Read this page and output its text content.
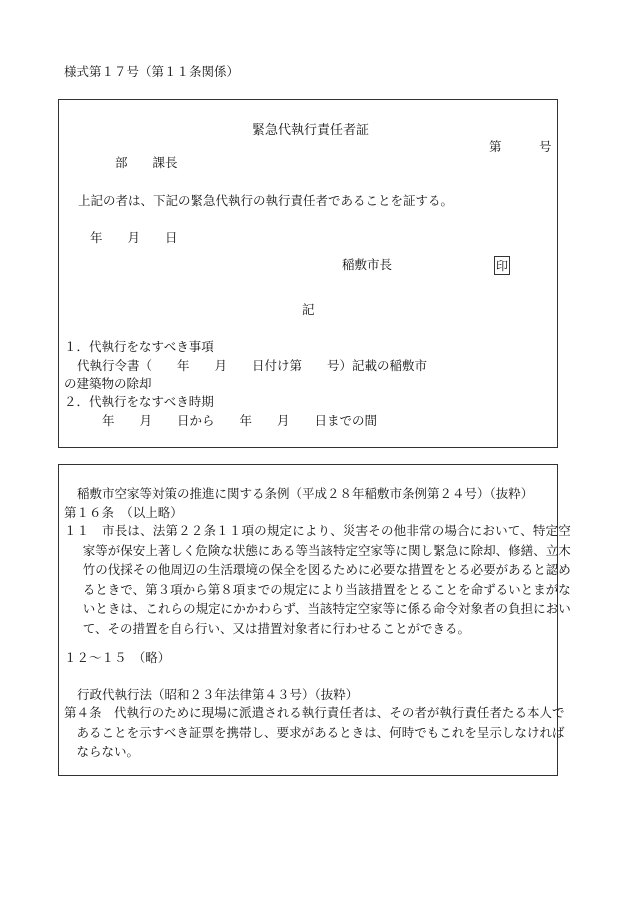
様式第１７号（第１１条関係）
緊急代執行責任者証
第　　　号
部　　課長
上記の者は、下記の緊急代執行の執行責任者であることを証する。
年　　月　　日
稲敷市長	印
記
１．代執行をなすべき事項
代執行令書（　　年　　月　　日付け第　　号）記載の稲敷市
の建築物の除却
２．代執行をなすべき時期
年　　月　　日から　　年　　月　　日までの間
稲敷市空家等対策の推進に関する条例（平成２８年稲敷市条例第２４号）（抜粋）
第１６条　（以上略）
１１　市長は、法第２２条１１項の規定により、災害その他非常の場合において、特定空家等が保安上著しく危険な状態にある等当該特定空家等に関し緊急に除却、修繕、立木竹の伐採その他周辺の生活環境の保全を図るために必要な措置をとる必要があると認めるときで、第３項から第８項までの規定により当該措置をとることを命ずるいとまがないときは、これらの規定にかかわらず、当該特定空家等に係る命令対象者の負担において、その措置を自ら行い、又は措置対象者に行わせることができる。
１２～１５　（略）
行政代執行法（昭和２３年法律第４３号）（抜粋）
第４条　代執行のために現場に派遣される執行責任者は、その者が執行責任者たる本人であることを示すべき証票を携帯し、要求があるときは、何時でもこれを呈示しなければならない。
